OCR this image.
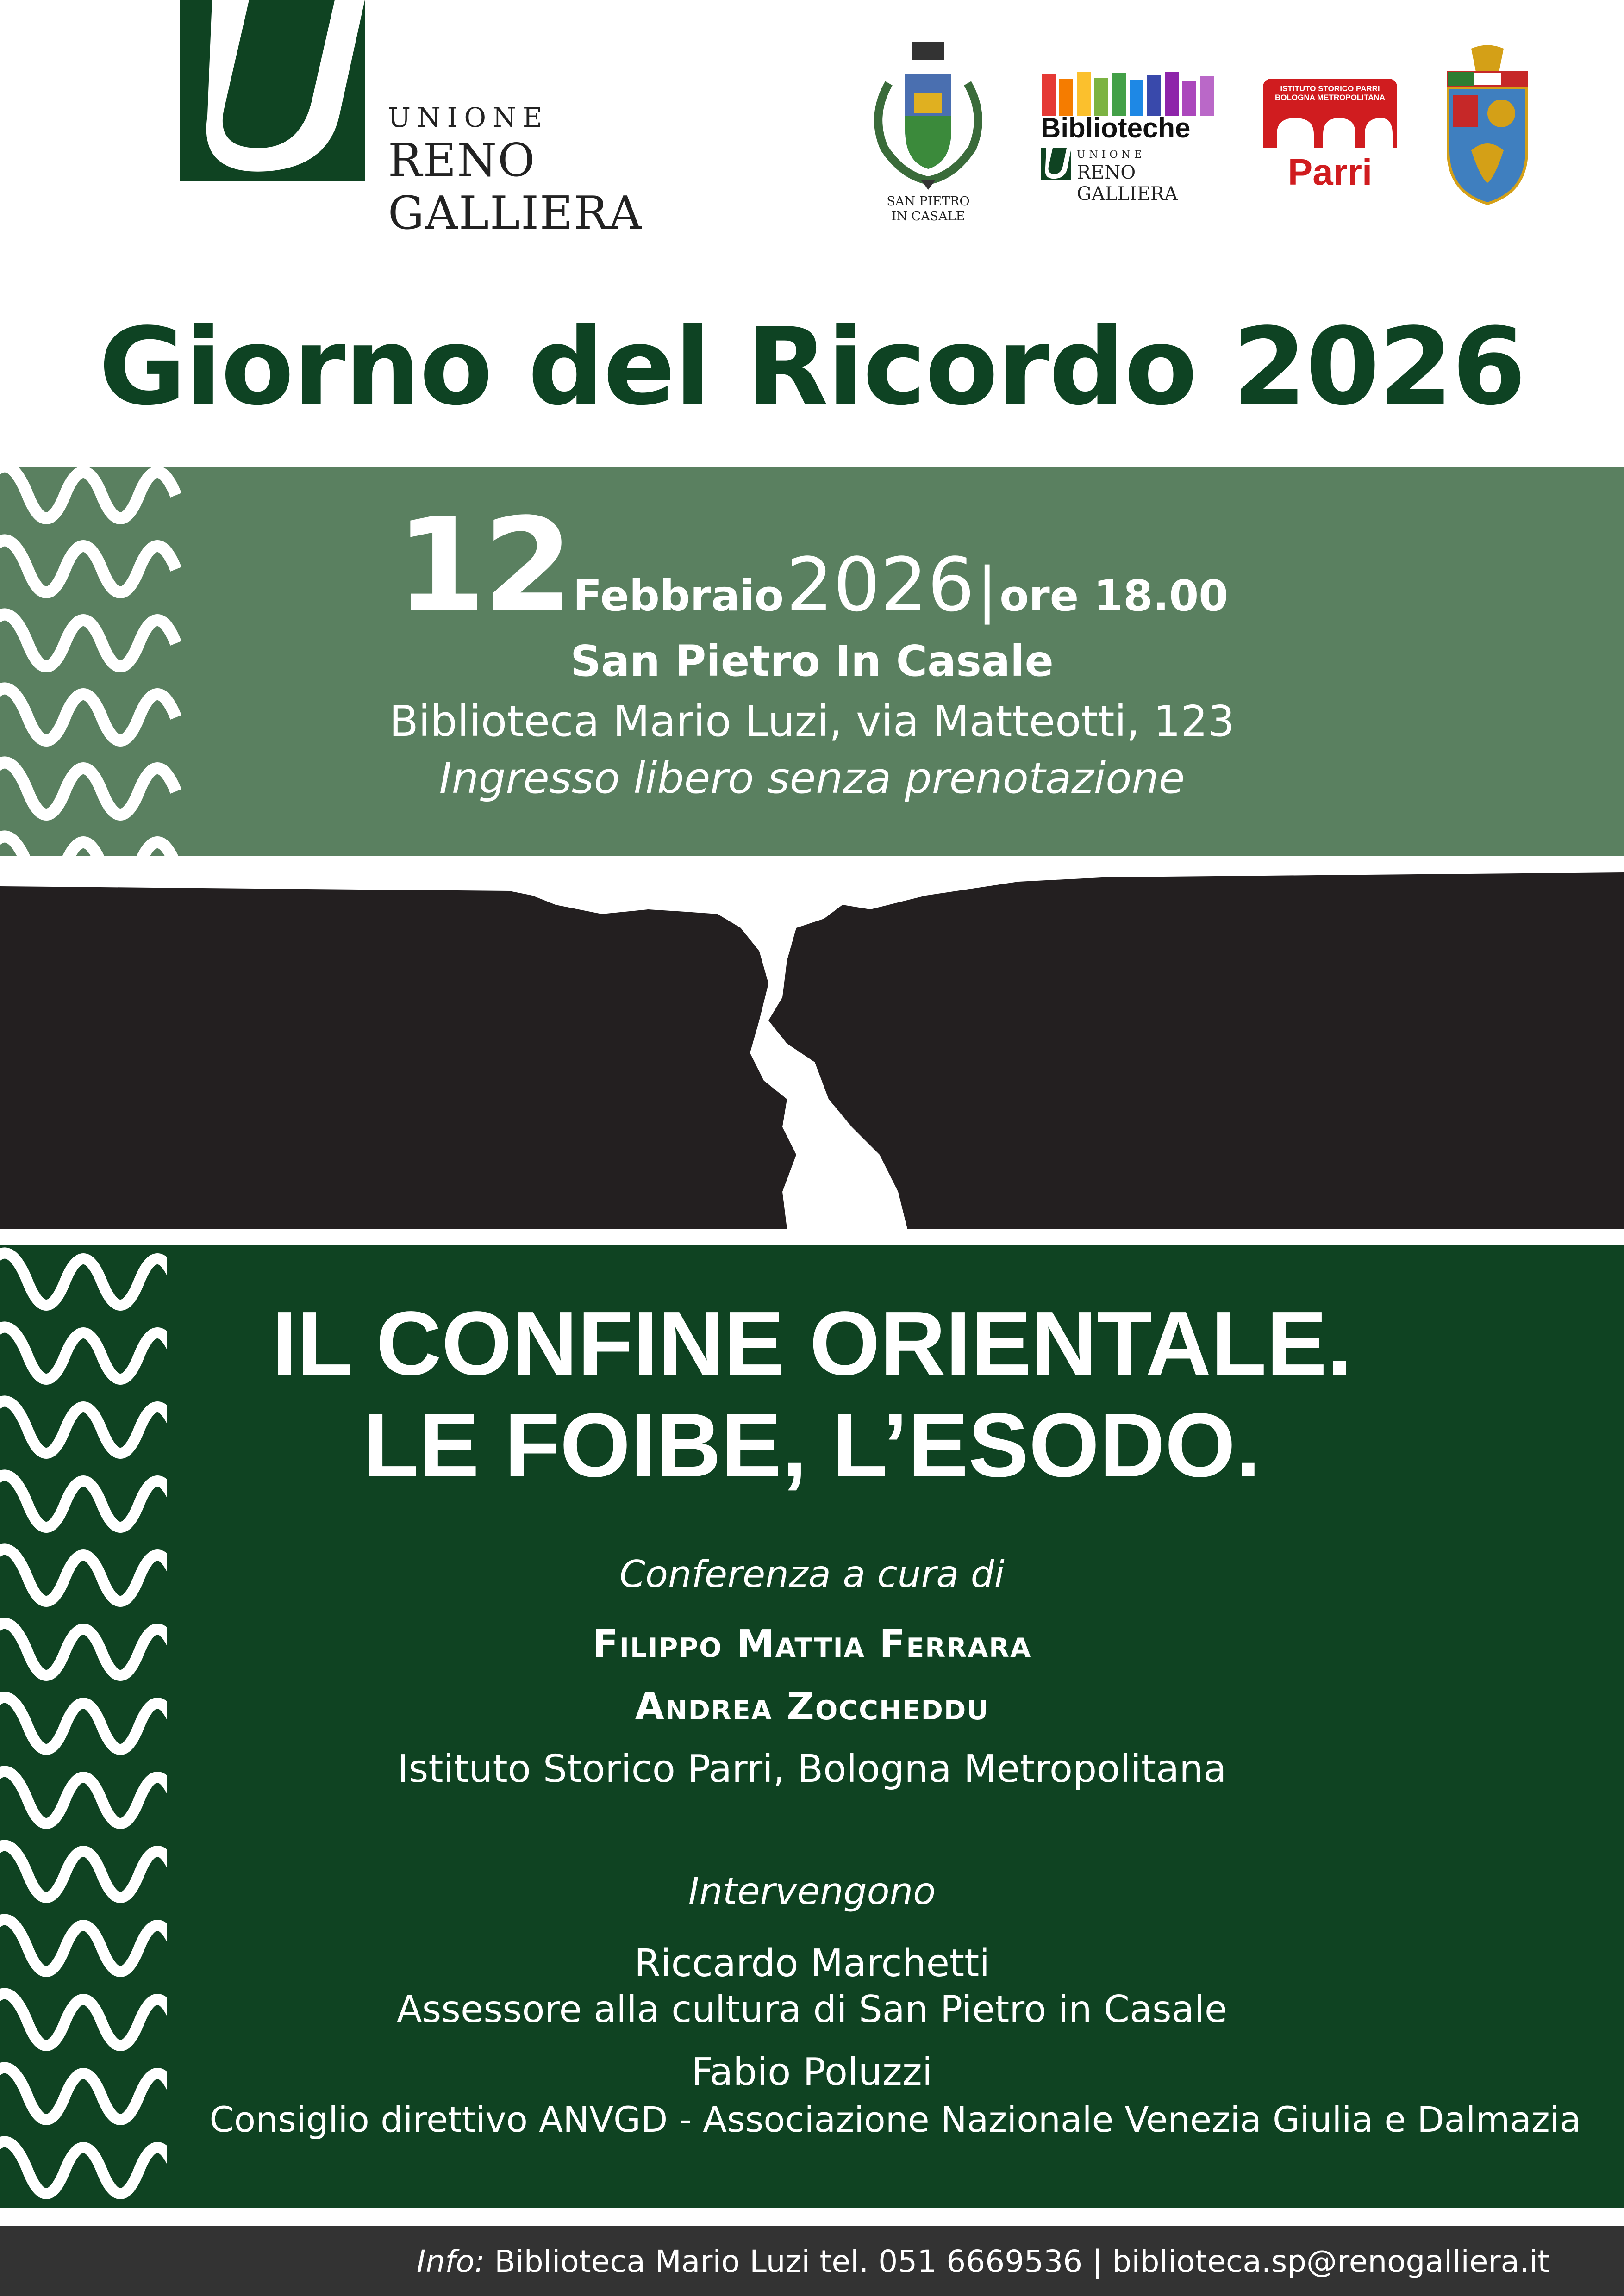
UNIONE
RENO GALLIERA	SAN PIETRO
IN CASALE
Biblioteche
UNIONE
RENO GALLIERA
ISTITUTO STORICO PARRI
BOLOGNA METROPOLITANA
Parri
Giorno del Ricordo 2026
12 Febbraio 2026 | ore 18.00
San Pietro In Casale
Biblioteca Mario Luzi, via Matteotti, 123
Ingresso libero senza prenotazione
IL CONFINE ORIENTALE.
LE FOIBE, L’ESODO.
Conferenza a cura di
Filippo Mattia Ferrara
Andrea Zoccheddu
Istituto Storico Parri, Bologna Metropolitana
Intervengono
Riccardo Marchetti
Assessore alla cultura di San Pietro in Casale
Fabio Poluzzi
Consiglio direttivo ANVGD - Associazione Nazionale Venezia Giulia e Dalmazia
Info: Biblioteca Mario Luzi tel. 051 6669536 | biblioteca.sp@renogalliera.it
